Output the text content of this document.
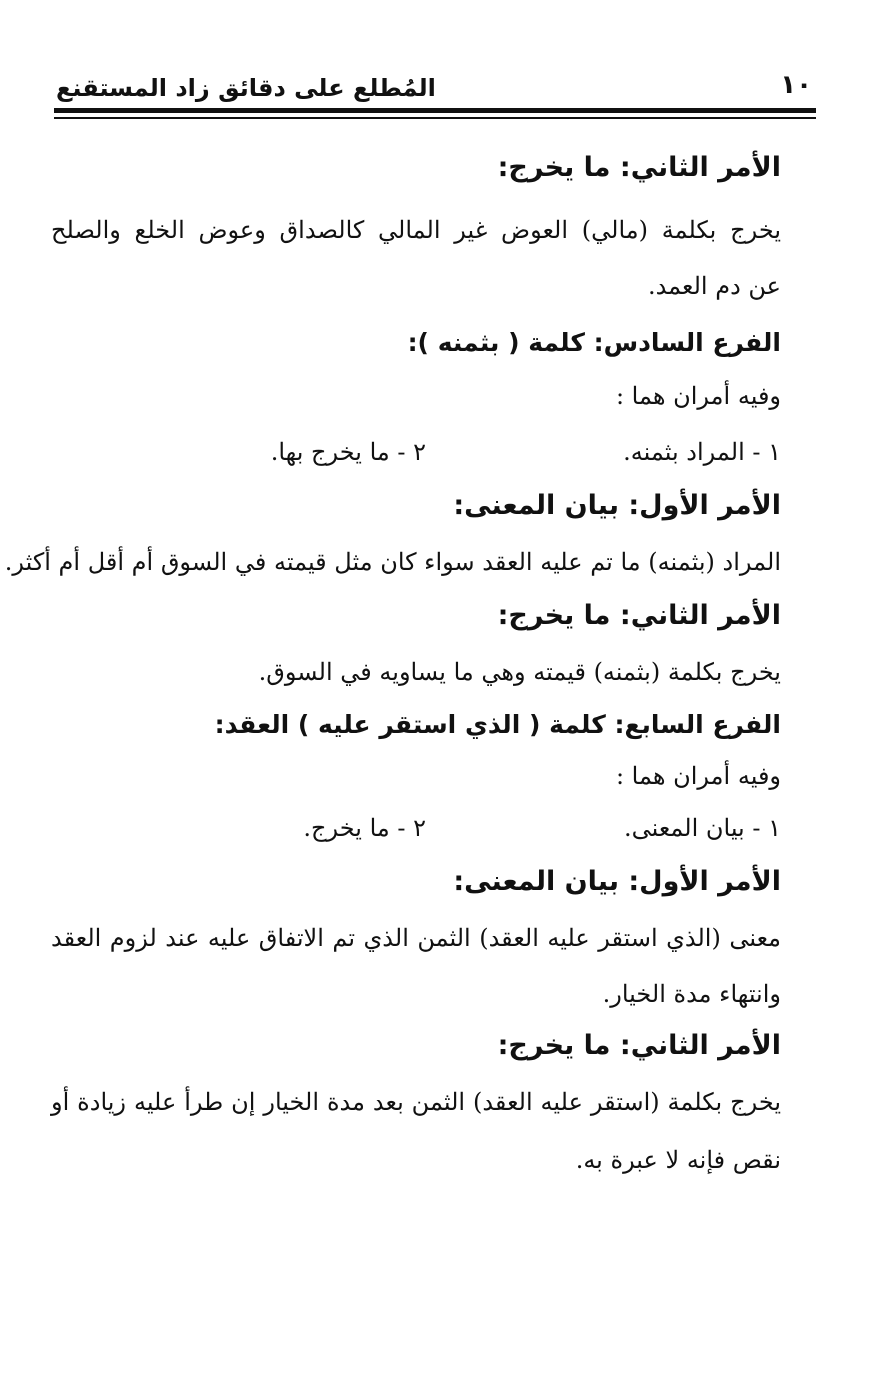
١٠
المُطلع على دقائق زاد المستقنع
الأمر الثاني: ما يخرج:
يخرج بكلمة (مالي) العوض غير المالي كالصداق وعوض الخلع والصلح
عن دم العمد.
الفرع السادس: كلمة ( بثمنه ):
وفيه أمران هما :
١ - المراد بثمنه.
٢ - ما يخرج بها.
الأمر الأول: بيان المعنى:
المراد (بثمنه) ما تم عليه العقد سواء كان مثل قيمته في السوق أم أقل أم أكثر.
الأمر الثاني: ما يخرج:
يخرج بكلمة (بثمنه) قيمته وهي ما يساويه في السوق.
الفرع السابع: كلمة ( الذي استقر عليه ) العقد:
وفيه أمران هما :
١ - بيان المعنى.
٢ - ما يخرج.
الأمر الأول: بيان المعنى:
معنى (الذي استقر عليه العقد) الثمن الذي تم الاتفاق عليه عند لزوم العقد
وانتهاء مدة الخيار.
الأمر الثاني: ما يخرج:
يخرج بكلمة (استقر عليه العقد) الثمن بعد مدة الخيار إن طرأ عليه زيادة أو
نقص فإنه لا عبرة به.
